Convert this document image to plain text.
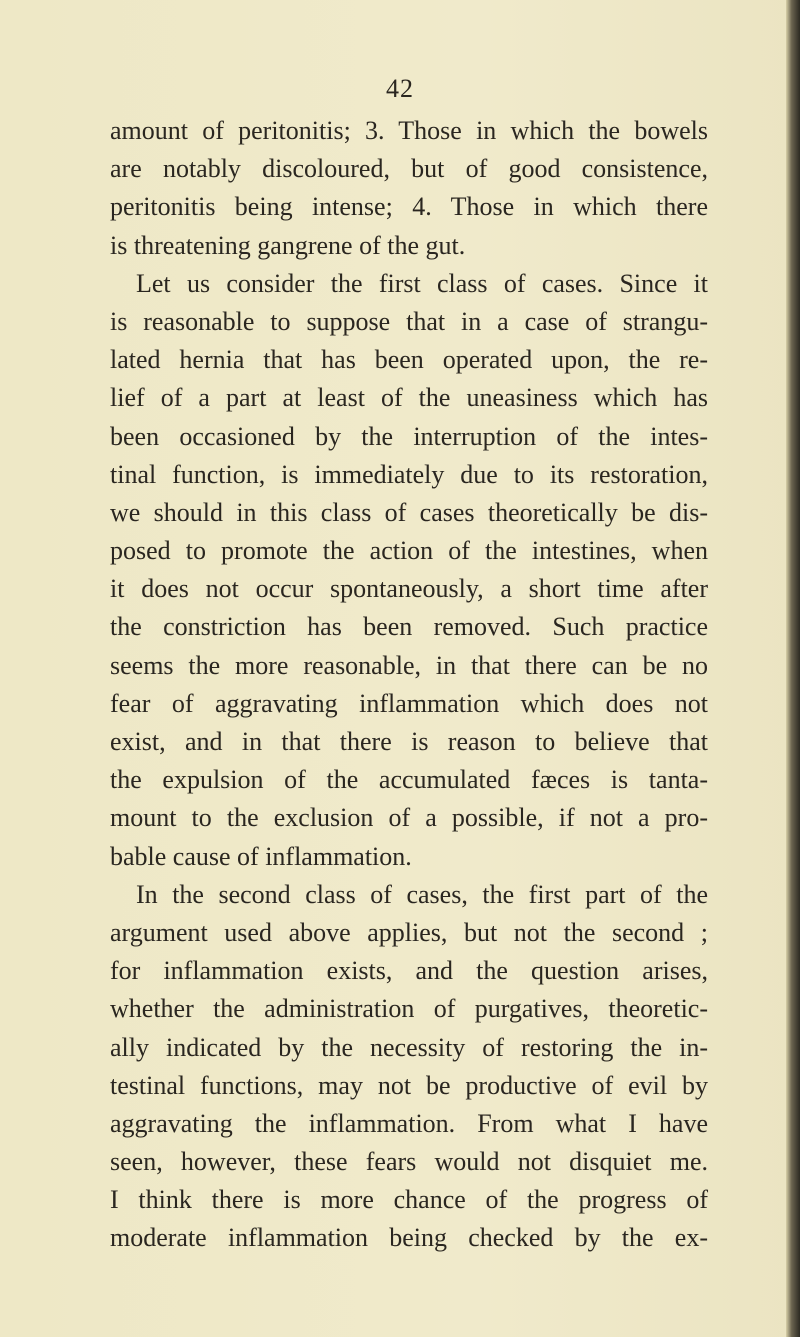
42
amount of peritonitis; 3. Those in which the bowels
are notably discoloured, but of good consistence,
peritonitis being intense; 4. Those in which there
is threatening gangrene of the gut.
Let us consider the first class of cases. Since it
is reasonable to suppose that in a case of strangu-
lated hernia that has been operated upon, the re-
lief of a part at least of the uneasiness which has
been occasioned by the interruption of the intes-
tinal function, is immediately due to its restoration,
we should in this class of cases theoretically be dis-
posed to promote the action of the intestines, when
it does not occur spontaneously, a short time after
the constriction has been removed. Such practice
seems the more reasonable, in that there can be no
fear of aggravating inflammation which does not
exist, and in that there is reason to believe that
the expulsion of the accumulated fæces is tanta-
mount to the exclusion of a possible, if not a pro-
bable cause of inflammation.
In the second class of cases, the first part of the
argument used above applies, but not the second ;
for inflammation exists, and the question arises,
whether the administration of purgatives, theoretic-
ally indicated by the necessity of restoring the in-
testinal functions, may not be productive of evil by
aggravating the inflammation. From what I have
seen, however, these fears would not disquiet me.
I think there is more chance of the progress of
moderate inflammation being checked by the ex-
